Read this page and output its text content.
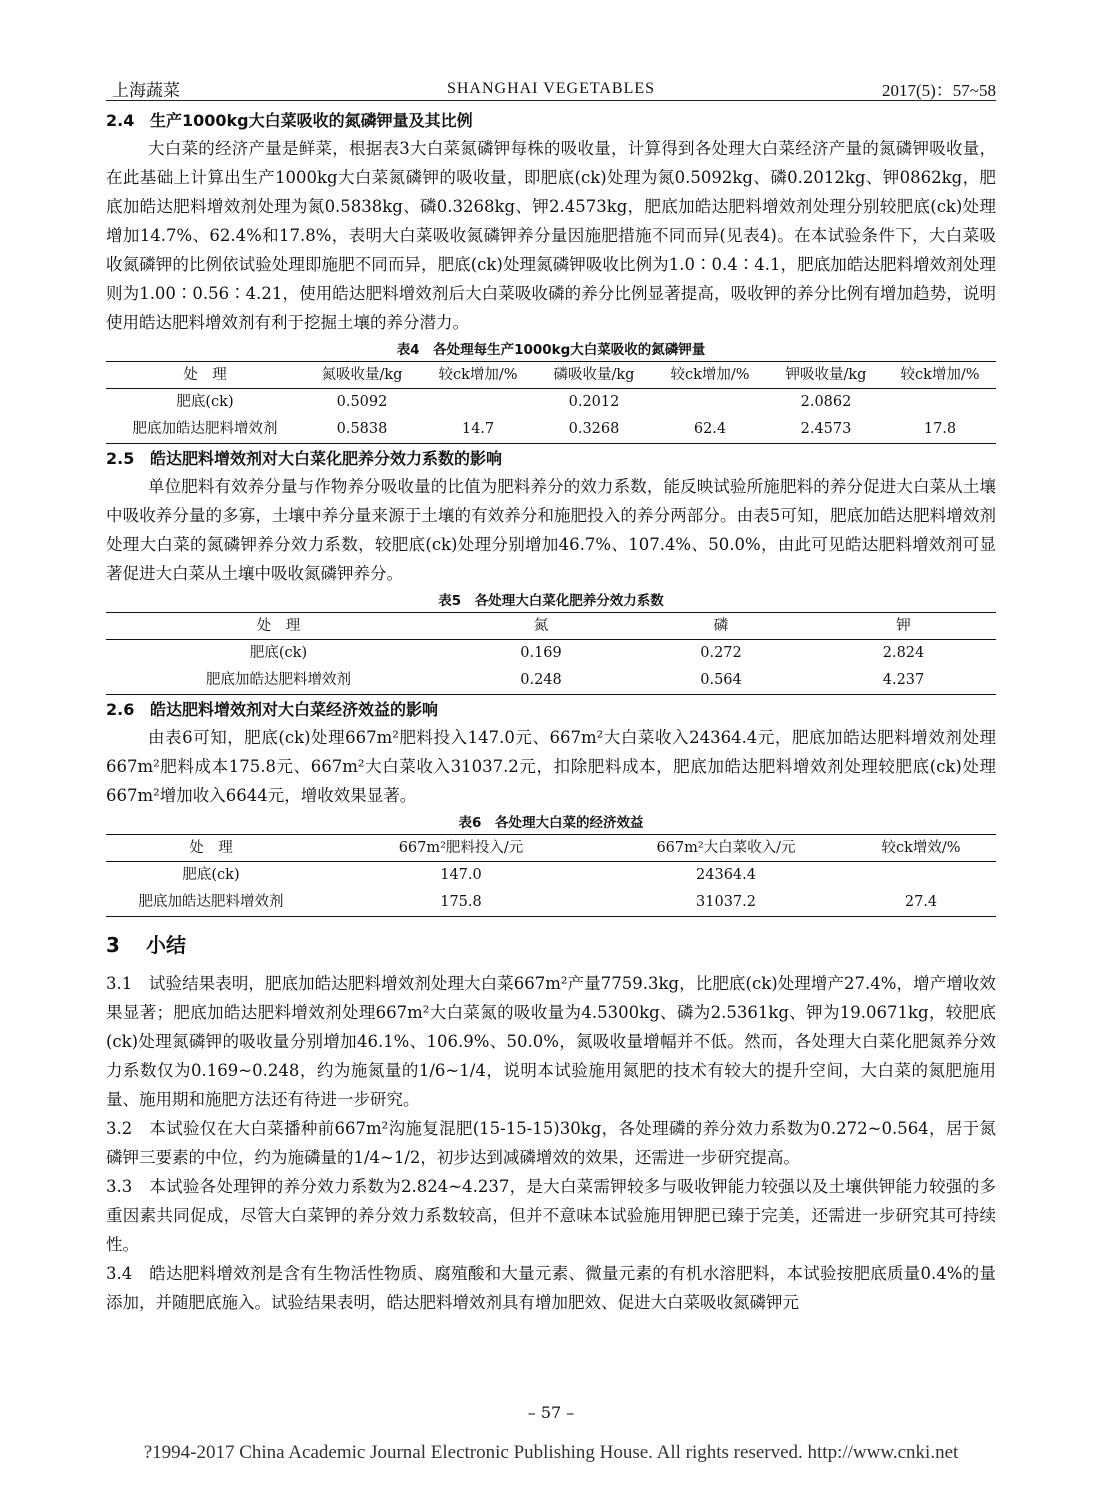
上海蔬菜	SHANGHAI VEGETABLES	2017(5)：57~58
2.4 生产1000kg大白菜吸收的氮磷钾量及其比例

大白菜的经济产量是鲜菜，根据表3大白菜氮磷钾每株的吸收量，计算得到各处理大白菜经济产量的氮磷钾吸收量，在此基础上计算出生产1000kg大白菜氮磷钾的吸收量，即肥底(ck)处理为氮0.5092kg、磷0.2012kg、钾0862kg，肥底加皓达肥料增效剂处理为氮0.5838kg、磷0.3268kg、钾2.4573kg，肥底加皓达肥料增效剂处理分别较肥底(ck)处理增加14.7%、62.4%和17.8%，表明大白菜吸收氮磷钾养分量因施肥措施不同而异(见表4)。在本试验条件下，大白菜吸收氮磷钾的比例依试验处理即施肥不同而异，肥底(ck)处理氮磷钾吸收比例为1.0∶0.4∶4.1，肥底加皓达肥料增效剂处理则为1.00∶0.56∶4.21，使用皓达肥料增效剂后大白菜吸收磷的养分比例显著提高，吸收钾的养分比例有增加趋势，说明使用皓达肥料增效剂有利于挖掘土壤的养分潜力。

表4　各处理每生产1000kg大白菜吸收的氮磷钾量
处　理	氮吸收量/kg	较ck增加/%	磷吸收量/kg	较ck增加/%	钾吸收量/kg	较ck增加/%
肥底(ck)	0.5092		0.2012		2.0862	
肥底加皓达肥料增效剂	0.5838	14.7	0.3268	62.4	2.4573	17.8
2.5 皓达肥料增效剂对大白菜化肥养分效力系数的影响

单位肥料有效养分量与作物养分吸收量的比值为肥料养分的效力系数，能反映试验所施肥料的养分促进大白菜从土壤中吸收养分量的多寡，土壤中养分量来源于土壤的有效养分和施肥投入的养分两部分。由表5可知，肥底加皓达肥料增效剂处理大白菜的氮磷钾养分效力系数，较肥底(ck)处理分别增加46.7%、107.4%、50.0%，由此可见皓达肥料增效剂可显著促进大白菜从土壤中吸收氮磷钾养分。

表5　各处理大白菜化肥养分效力系数
处　理	氮	磷	钾
肥底(ck)	0.169	0.272	2.824
肥底加皓达肥料增效剂	0.248	0.564	4.237
2.6 皓达肥料增效剂对大白菜经济效益的影响

由表6可知，肥底(ck)处理667m²肥料投入147.0元、667m²大白菜收入24364.4元，肥底加皓达肥料增效剂处理667m²肥料成本175.8元、667m²大白菜收入31037.2元，扣除肥料成本，肥底加皓达肥料增效剂处理较肥底(ck)处理667m²增加收入6644元，增收效果显著。

表6　各处理大白菜的经济效益
处　理	667m²肥料投入/元	667m²大白菜收入/元	较ck增效/%
肥底(ck)	147.0	24364.4	
肥底加皓达肥料增效剂	175.8	31037.2	27.4
3 小结

3.1　 试验结果表明，肥底加皓达肥料增效剂处理大白菜667m²产量7759.3kg，比肥底(ck)处理增产27.4%，增产增收效果显著；肥底加皓达肥料增效剂处理667m²大白菜氮的吸收量为4.5300kg、磷为2.5361kg、钾为19.0671kg，较肥底(ck)处理氮磷钾的吸收量分别增加46.1%、106.9%、50.0%，氮吸收量增幅并不低。然而，各处理大白菜化肥氮养分效力系数仅为0.169~0.248，约为施氮量的1/6~1/4，说明本试验施用氮肥的技术有较大的提升空间，大白菜的氮肥施用量、施用期和施肥方法还有待进一步研究。

3.2　 本试验仅在大白菜播种前667m²沟施复混肥(15-15-15)30kg，各处理磷的养分效力系数为0.272~0.564，居于氮磷钾三要素的中位，约为施磷量的1/4~1/2，初步达到减磷增效的效果，还需进一步研究提高。

3.3　 本试验各处理钾的养分效力系数为2.824~4.237，是大白菜需钾较多与吸收钾能力较强以及土壤供钾能力较强的多重因素共同促成，尽管大白菜钾的养分效力系数较高，但并不意味本试验施用钾肥已臻于完美，还需进一步研究其可持续性。

3.4　 皓达肥料增效剂是含有生物活性物质、腐殖酸和大量元素、微量元素的有机水溶肥料，本试验按肥底质量0.4%的量添加，并随肥底施入。试验结果表明，皓达肥料增效剂具有增加肥效、促进大白菜吸收氮磷钾元

– 57 –
?1994-2017 China Academic Journal Electronic Publishing House. All rights reserved. http://www.cnki.net
